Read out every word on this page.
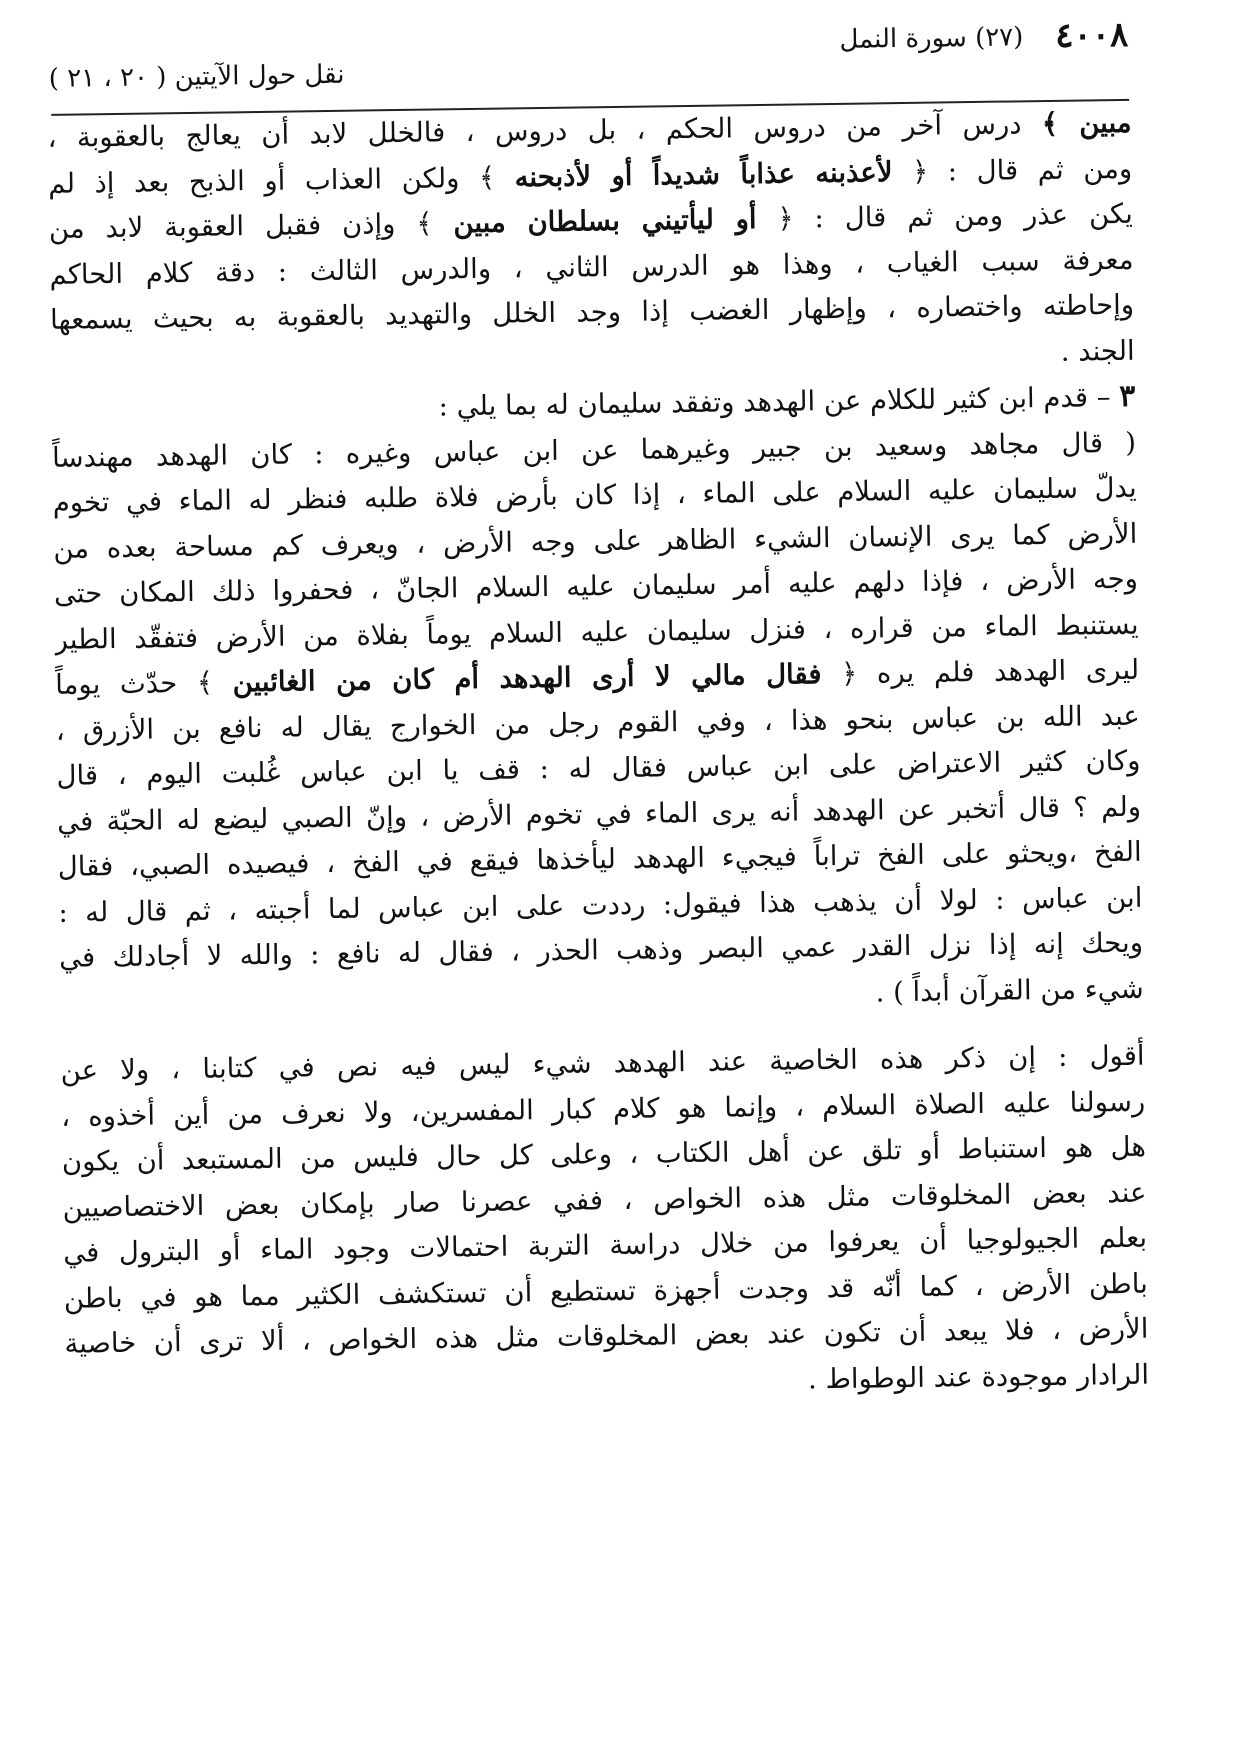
٤٠٠٨
(٢٧) سورة النمل
نقل حول الآيتين ( ٢٠ ، ٢١ )

مبين ﴾ درس آخر من دروس الحكم ، بل دروس ، فالخلل لابد أن يعالج بالعقوبة ،
ومن ثم قال : ﴿ لأعذبنه عذاباً شديداً أو لأذبحنه ﴾ ولكن العذاب أو الذبح بعد إذ لم
يكن عذر ومن ثم قال : ﴿ أو ليأتيني بسلطان مبين ﴾ وإذن فقبل العقوبة لابد من
معرفة سبب الغياب ، وهذا هو الدرس الثاني ، والدرس الثالث : دقة كلام الحاكم
وإحاطته واختصاره ، وإظهار الغضب إذا وجد الخلل والتهديد بالعقوبة به بحيث يسمعها
الجند .

٣ – قدم ابن كثير للكلام عن الهدهد وتفقد سليمان له بما يلي :

( قال مجاهد وسعيد بن جبير وغيرهما عن ابن عباس وغيره : كان الهدهد مهندساً
يدلّ سليمان عليه السلام على الماء ، إذا كان بأرض فلاة طلبه فنظر له الماء في تخوم
الأرض كما يرى الإنسان الشيء الظاهر على وجه الأرض ، ويعرف كم مساحة بعده من
وجه الأرض ، فإذا دلهم عليه أمر سليمان عليه السلام الجانّ ، فحفروا ذلك المكان حتى
يستنبط الماء من قراره ، فنزل سليمان عليه السلام يوماً بفلاة من الأرض فتفقّد الطير
ليرى الهدهد فلم يره ﴿ فقال مالي لا أرى الهدهد أم كان من الغائبين ﴾ حدّث يوماً
عبد الله بن عباس بنحو هذا ، وفي القوم رجل من الخوارج يقال له نافع بن الأزرق ،
وكان كثير الاعتراض على ابن عباس فقال له : قف يا ابن عباس غُلبت اليوم ، قال
ولم ؟ قال أتخبر عن الهدهد أنه يرى الماء في تخوم الأرض ، وإنّ الصبي ليضع له الحبّة في
الفخ ،ويحثو على الفخ تراباً فيجيء الهدهد ليأخذها فيقع في الفخ ، فيصيده الصبي، فقال
ابن عباس : لولا أن يذهب هذا فيقول: رددت على ابن عباس لما أجبته ، ثم قال له :
ويحك إنه إذا نزل القدر عمي البصر وذهب الحذر ، فقال له نافع : والله لا أجادلك في
شيء من القرآن أبداً ) .

أقول : إن ذكر هذه الخاصية عند الهدهد شيء ليس فيه نص في كتابنا ، ولا عن
رسولنا عليه الصلاة السلام ، وإنما هو كلام كبار المفسرين، ولا نعرف من أين أخذوه ،
هل هو استنباط أو تلق عن أهل الكتاب ، وعلى كل حال فليس من المستبعد أن يكون
عند بعض المخلوقات مثل هذه الخواص ، ففي عصرنا صار بإمكان بعض الاختصاصيين
بعلم الجيولوجيا أن يعرفوا من خلال دراسة التربة احتمالات وجود الماء أو البترول في
باطن الأرض ، كما أنّه قد وجدت أجهزة تستطيع أن تستكشف الكثير مما هو في باطن
الأرض ، فلا يبعد أن تكون عند بعض المخلوقات مثل هذه الخواص ، ألا ترى أن خاصية
الرادار موجودة عند الوطواط .
